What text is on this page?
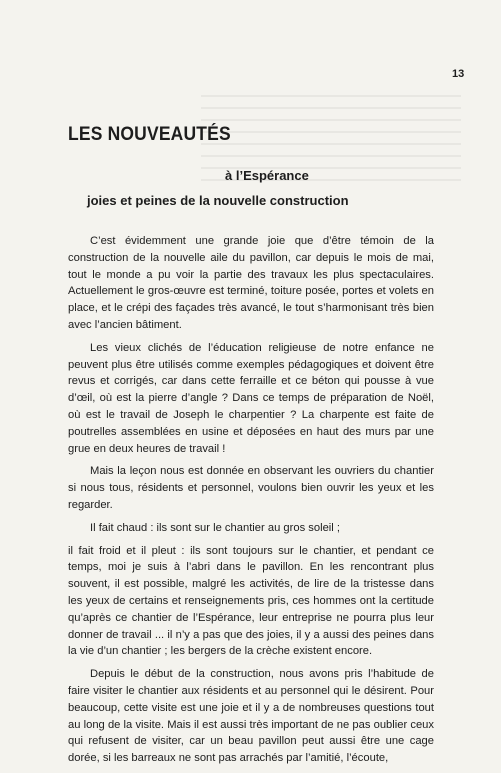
13
LES NOUVEAUTÉS
à l’Espérance
joies et peines de la nouvelle construction

C’est évidemment une grande joie que d’être témoin de la construction de la nouvelle aile du pavillon, car depuis le mois de mai, tout le monde a pu voir la partie des travaux les plus spectaculaires. Actuellement le gros-œuvre est terminé, toiture posée, portes et volets en place, et le crépi des façades très avancé, le tout s’harmonisant très bien avec l’ancien bâtiment.

Les vieux clichés de l’éducation religieuse de notre enfance ne peuvent plus être utilisés comme exemples pédagogiques et doivent être revus et corrigés, car dans cette ferraille et ce béton qui pousse à vue d’œil, où est la pierre d’angle ? Dans ce temps de préparation de Noël, où est le travail de Joseph le charpentier ? La charpente est faite de poutrelles assemblées en usine et déposées en haut des murs par une grue en deux heures de travail !

Mais la leçon nous est donnée en observant les ouvriers du chantier si nous tous, résidents et personnel, voulons bien ouvrir les yeux et les regarder.

Il fait chaud : ils sont sur le chantier au gros soleil ;

il fait froid et il pleut : ils sont toujours sur le chantier, et pendant ce temps, moi je suis à l’abri dans le pavillon. En les rencontrant plus souvent, il est possible, malgré les activités, de lire de la tristesse dans les yeux de certains et renseignements pris, ces hommes ont la certitude qu’après ce chantier de l’Espérance, leur entreprise ne pourra plus leur donner de travail ... il n’y a pas que des joies, il y a aussi des peines dans la vie d’un chantier ; les bergers de la crèche existent encore.

Depuis le début de la construction, nous avons pris l’habitude de faire visiter le chantier aux résidents et au personnel qui le désirent. Pour beaucoup, cette visite est une joie et il y a de nombreuses questions tout au long de la visite. Mais il est aussi très important de ne pas oublier ceux qui refusent de visiter, car un beau pavillon peut aussi être une cage dorée, si les barreaux ne sont pas arrachés par l’amitié, l’écoute,
